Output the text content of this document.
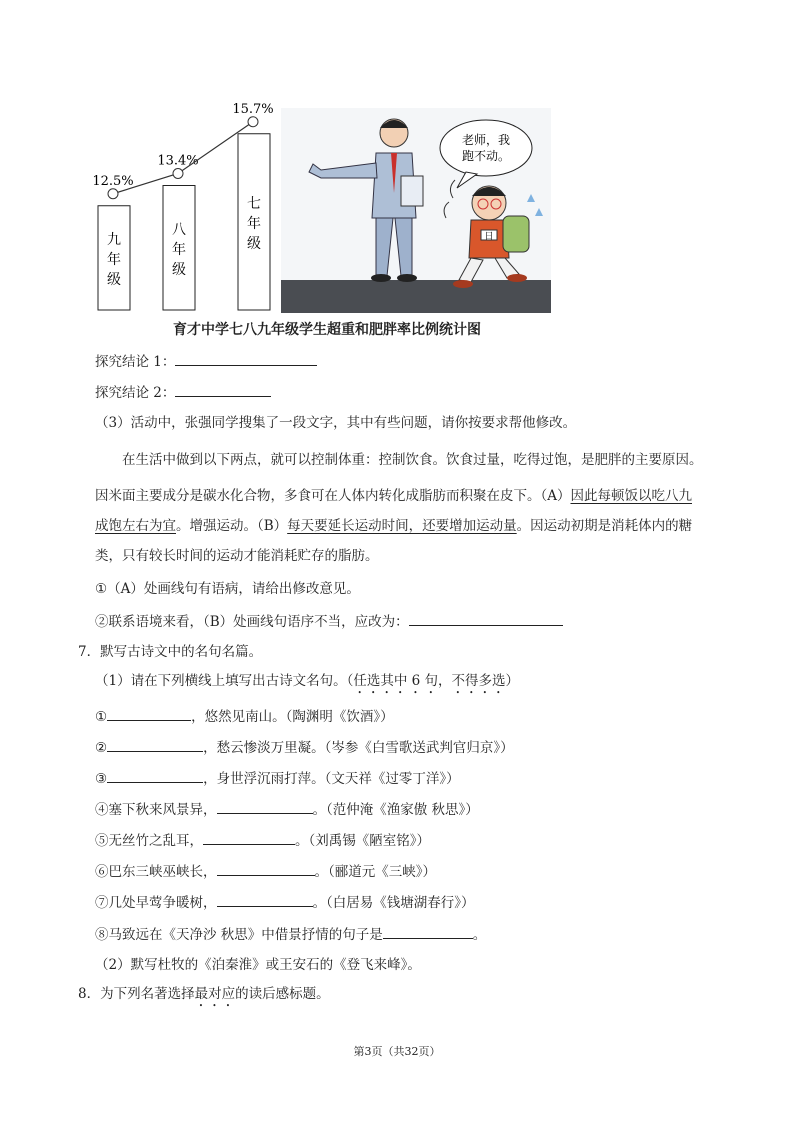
九
年
级
12.5%
八
年
级
13.4%
七
年
级
15.7%
老师，我
跑不动。
日
育才中学七八九年级学生超重和肥胖率比例统计图
探究结论 1：
探究结论 2：
（3）活动中，张强同学搜集了一段文字，其中有些问题，请你按要求帮他修改。
在生活中做到以下两点，就可以控制体重：控制饮食。饮食过量，吃得过饱，是肥胖的主要原因。
因米面主要成分是碳水化合物，多食可在人体内转化成脂肪而积聚在皮下。（A）因此每顿饭以吃八九
成饱左右为宜。增强运动。（B）每天要延长运动时间，还要增加运动量。因运动初期是消耗体内的糖
类，只有较长时间的运动才能消耗贮存的脂肪。
①（A）处画线句有语病，请给出修改意见。
②联系语境来看，（B）处画线句语序不当，应改为：
7．默写古诗文中的名句名篇。
（1）请在下列横线上填写出古诗文名句。（任选其中 6 句，不得多选）
①	，悠然见南山。（陶渊明《饮酒》）
②	，愁云惨淡万里凝。（岑参《白雪歌送武判官归京》）
③	，身世浮沉雨打萍。（文天祥《过零丁洋》）
④塞下秋来风景异，	。（范仲淹《渔家傲 秋思》）
⑤无丝竹之乱耳，	。（刘禹锡《陋室铭》）
⑥巴东三峡巫峡长，	。（郦道元《三峡》）
⑦几处早莺争暖树，	。（白居易《钱塘湖春行》）
⑧马致远在《天净沙 秋思》中借景抒情的句子是	。
（2）默写杜牧的《泊秦淮》或王安石的《登飞来峰》。
8．为下列名著选择最对应的读后感标题。
第3页（共32页）
